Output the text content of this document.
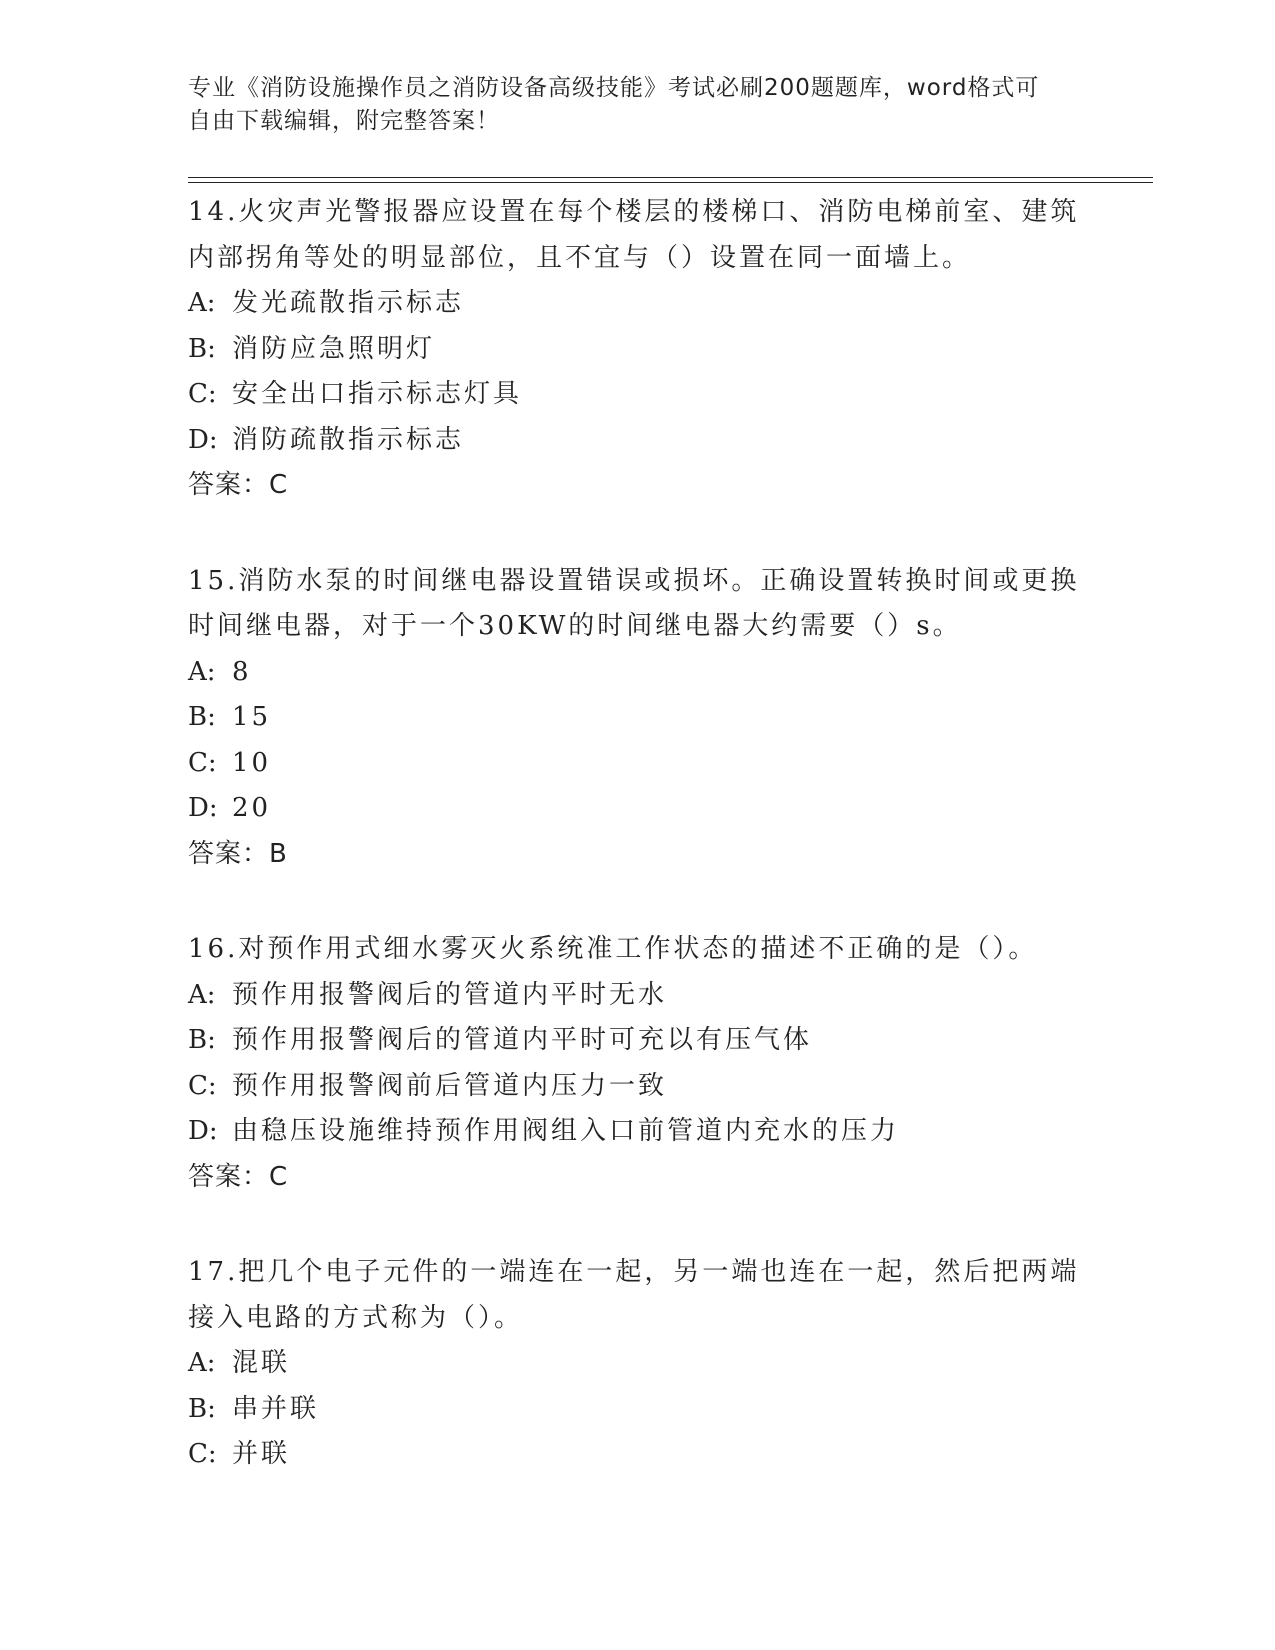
专业《消防设施操作员之消防设备高级技能》考试必刷200题题库，word格式可
自由下载编辑，附完整答案！

14.火灾声光警报器应设置在每个楼层的楼梯口、消防电梯前室、建筑内部拐角等处的明显部位，且不宜与（）设置在同一面墙上。

A: 发光疏散指示标志

B: 消防应急照明灯

C: 安全出口指示标志灯具

D: 消防疏散指示标志

答案：C

15.消防水泵的时间继电器设置错误或损坏。正确设置转换时间或更换时间继电器，对于一个30KW的时间继电器大约需要（）s。

A: 8

B: 15

C: 10

D: 20

答案：B

16.对预作用式细水雾灭火系统准工作状态的描述不正确的是（）。

A: 预作用报警阀后的管道内平时无水

B: 预作用报警阀后的管道内平时可充以有压气体

C: 预作用报警阀前后管道内压力一致

D: 由稳压设施维持预作用阀组入口前管道内充水的压力

答案：C

17.把几个电子元件的一端连在一起，另一端也连在一起，然后把两端接入电路的方式称为（）。

A: 混联

B: 串并联

C: 并联
